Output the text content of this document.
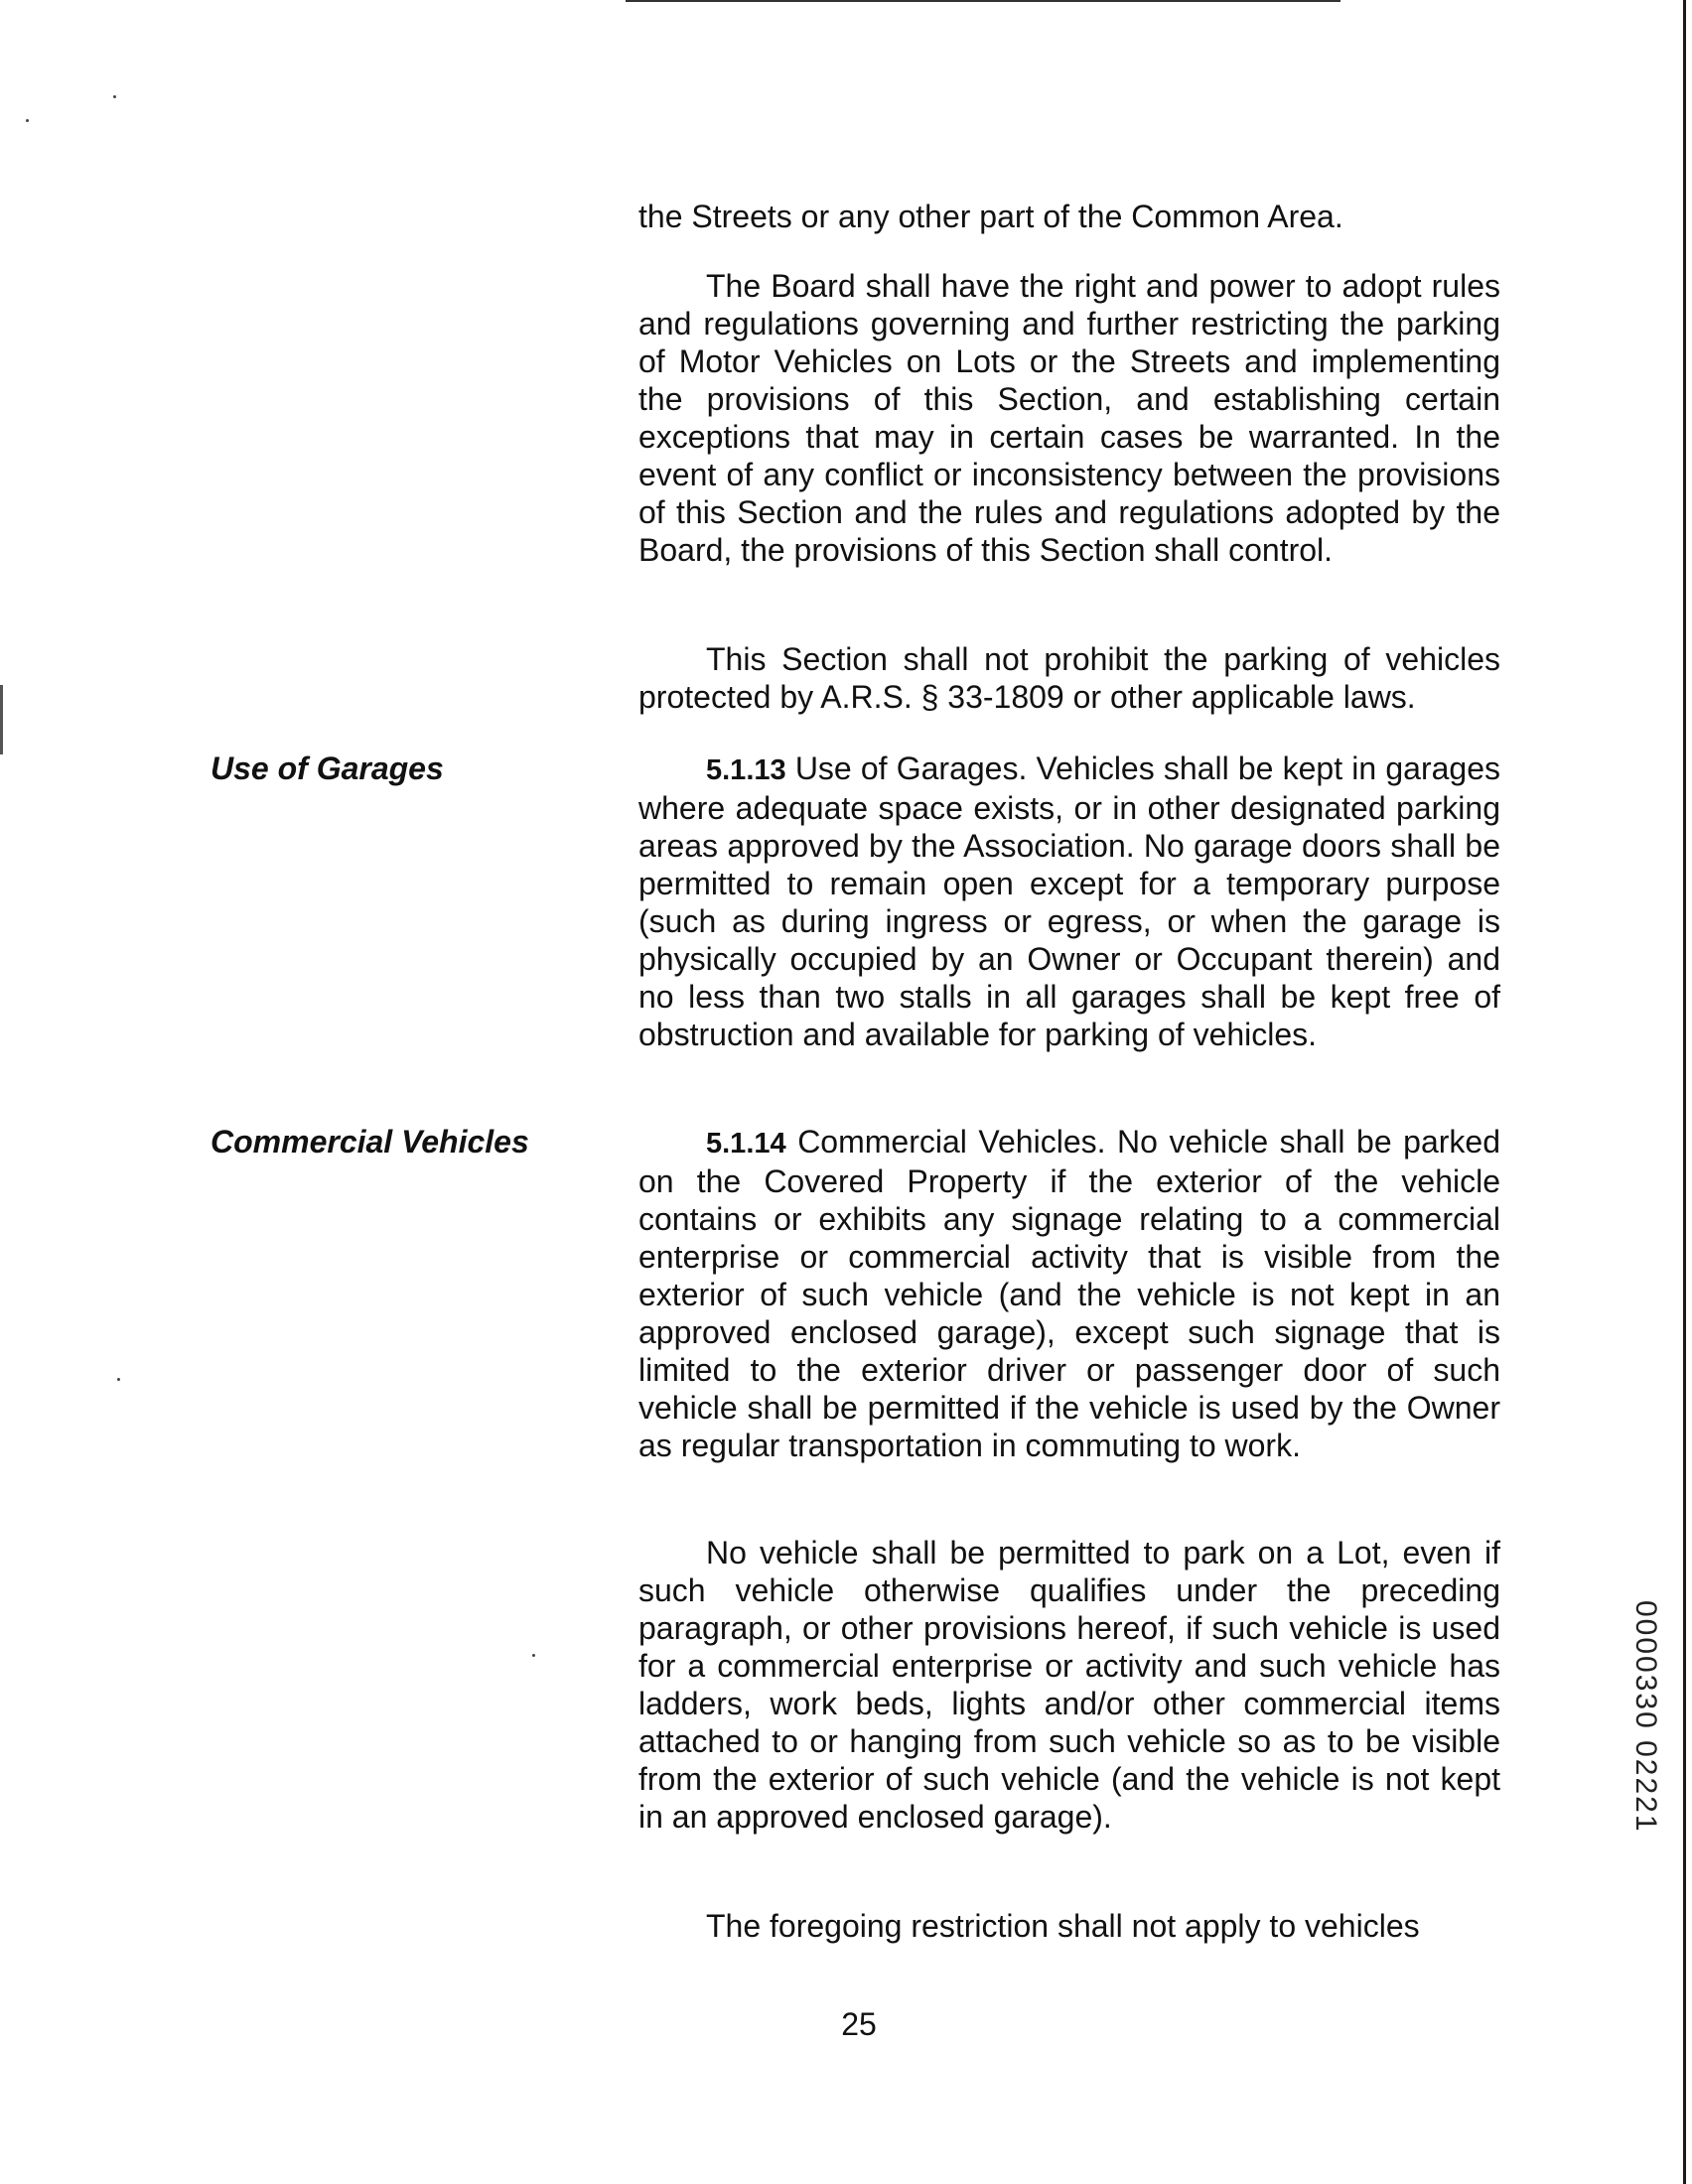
the Streets or any other part of the Common Area.

The Board shall have the right and power to adopt rules and regulations governing and further restricting the parking of Motor Vehicles on Lots or the Streets and implementing the provisions of this Section, and establishing certain exceptions that may in certain cases be warranted. In the event of any conflict or inconsistency between the provisions of this Section and the rules and regulations adopted by the Board, the provisions of this Section shall control.

This Section shall not prohibit the parking of vehicles protected by A.R.S. § 33-1809 or other applicable laws.

Use of Garages	5.1.13 Use of Garages. Vehicles shall be kept in garages where adequate space exists, or in other designated parking areas approved by the Association. No garage doors shall be permitted to remain open except for a temporary purpose (such as during ingress or egress, or when the garage is physically occupied by an Owner or Occupant therein) and no less than two stalls in all garages shall be kept free of obstruction and available for parking of vehicles.

Commercial Vehicles	5.1.14 Commercial Vehicles. No vehicle shall be parked on the Covered Property if the exterior of the vehicle contains or exhibits any signage relating to a commercial enterprise or commercial activity that is visible from the exterior of such vehicle (and the vehicle is not kept in an approved enclosed garage), except such signage that is limited to the exterior driver or passenger door of such vehicle shall be permitted if the vehicle is used by the Owner as regular transportation in commuting to work.

No vehicle shall be permitted to park on a Lot, even if such vehicle otherwise qualifies under the preceding paragraph, or other provisions hereof, if such vehicle is used for a commercial enterprise or activity and such vehicle has ladders, work beds, lights and/or other commercial items attached to or hanging from such vehicle so as to be visible from the exterior of such vehicle (and the vehicle is not kept in an approved enclosed garage).

The foregoing restriction shall not apply to vehicles

25
0000330 02221
